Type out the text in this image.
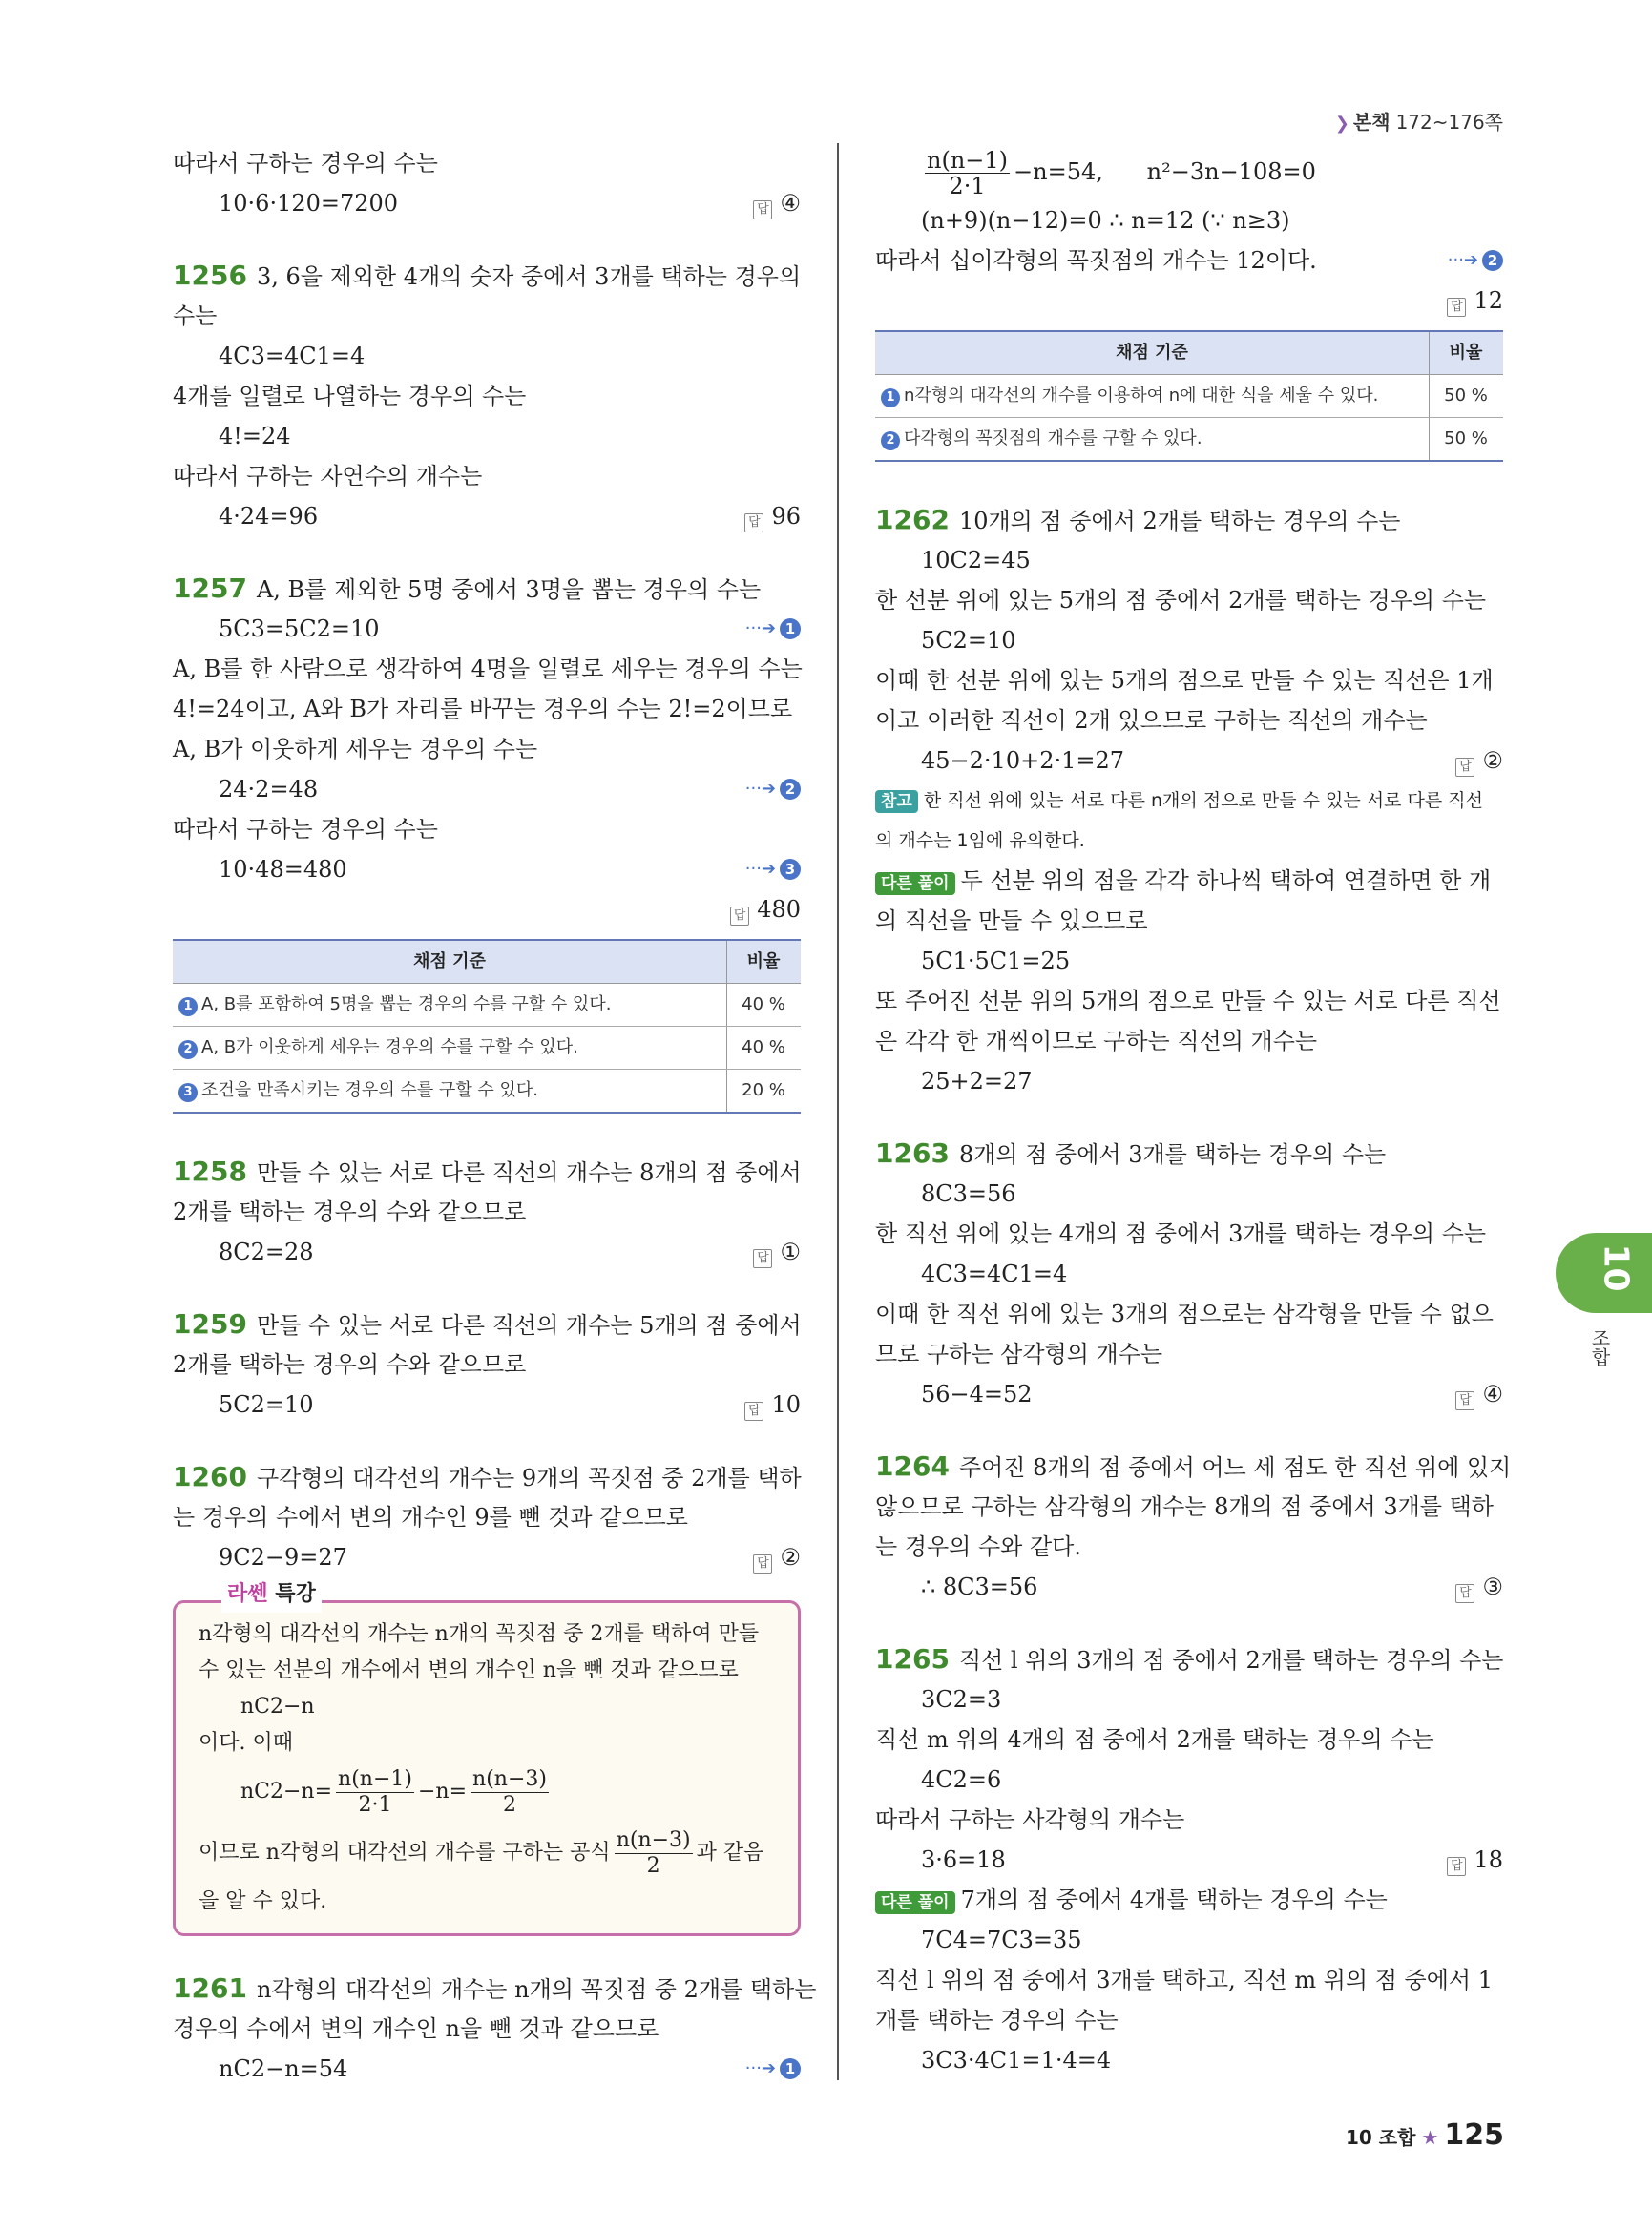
❯ 본책 172~176쪽
따라서 구하는 경우의 수는
10·6·120=7200	답 ④
1256 3, 6을 제외한 4개의 숫자 중에서 3개를 택하는 경우의
수는
4C3=4C1=4
4개를 일렬로 나열하는 경우의 수는
4!=24
따라서 구하는 자연수의 개수는
4·24=96	답 96
1257 A, B를 제외한 5명 중에서 3명을 뽑는 경우의 수는
5C3=5C2=10	···➔ 1
A, B를 한 사람으로 생각하여 4명을 일렬로 세우는 경우의 수는
4!=24이고, A와 B가 자리를 바꾸는 경우의 수는 2!=2이므로
A, B가 이웃하게 세우는 경우의 수는
24·2=48	···➔ 2
따라서 구하는 경우의 수는
10·48=480	···➔ 3
답 480
채점 기준	비율
1 A, B를 포함하여 5명을 뽑는 경우의 수를 구할 수 있다.	40 %
2 A, B가 이웃하게 세우는 경우의 수를 구할 수 있다.	40 %
3 조건을 만족시키는 경우의 수를 구할 수 있다.	20 %
1258 만들 수 있는 서로 다른 직선의 개수는 8개의 점 중에서
2개를 택하는 경우의 수와 같으므로
8C2=28	답 ①
1259 만들 수 있는 서로 다른 직선의 개수는 5개의 점 중에서
2개를 택하는 경우의 수와 같으므로
5C2=10	답 10
1260 구각형의 대각선의 개수는 9개의 꼭짓점 중 2개를 택하
는 경우의 수에서 변의 개수인 9를 뺀 것과 같으므로
9C2−9=27	답 ②
라쎈 특강
n각형의 대각선의 개수는 n개의 꼭짓점 중 2개를 택하여 만들
수 있는 선분의 개수에서 변의 개수인 n을 뺀 것과 같으므로
nC2−n
이다. 이때
$nC2-n= \frac{n(n-1)}{2\cdot 1} -n= \frac{n(n-3)}{2}$
이므로 n각형의 대각선의 개수를 구하는 공식 $\frac{n(n-3)}{2}$ 과 같음
을 알 수 있다.
1261 n각형의 대각선의 개수는 n개의 꼭짓점 중 2개를 택하는
경우의 수에서 변의 개수인 n을 뺀 것과 같으므로
nC2−n=54	···➔ 1
$\frac{n(n-1)}{2\cdot 1} -n=54$, n²−3n−108=0
(n+9)(n−12)=0 ∴ n=12 (∵ n≥3)
따라서 십이각형의 꼭짓점의 개수는 12이다.	···➔ 2
답 12
채점 기준	비율
1 n각형의 대각선의 개수를 이용하여 n에 대한 식을 세울 수 있다.	50 %
2 다각형의 꼭짓점의 개수를 구할 수 있다.	50 %
1262 10개의 점 중에서 2개를 택하는 경우의 수는
10C2=45
한 선분 위에 있는 5개의 점 중에서 2개를 택하는 경우의 수는
5C2=10
이때 한 선분 위에 있는 5개의 점으로 만들 수 있는 직선은 1개
이고 이러한 직선이 2개 있으므로 구하는 직선의 개수는
45−2·10+2·1=27	답 ②
참고 한 직선 위에 있는 서로 다른 n개의 점으로 만들 수 있는 서로 다른 직선
의 개수는 1임에 유의한다.
다른 풀이 두 선분 위의 점을 각각 하나씩 택하여 연결하면 한 개
의 직선을 만들 수 있으므로
5C1·5C1=25
또 주어진 선분 위의 5개의 점으로 만들 수 있는 서로 다른 직선
은 각각 한 개씩이므로 구하는 직선의 개수는
25+2=27
1263 8개의 점 중에서 3개를 택하는 경우의 수는
8C3=56
한 직선 위에 있는 4개의 점 중에서 3개를 택하는 경우의 수는
4C3=4C1=4
이때 한 직선 위에 있는 3개의 점으로는 삼각형을 만들 수 없으
므로 구하는 삼각형의 개수는
56−4=52	답 ④
1264 주어진 8개의 점 중에서 어느 세 점도 한 직선 위에 있지
않으므로 구하는 삼각형의 개수는 8개의 점 중에서 3개를 택하
는 경우의 수와 같다.
∴ 8C3=56	답 ③
1265 직선 l 위의 3개의 점 중에서 2개를 택하는 경우의 수는
3C2=3
직선 m 위의 4개의 점 중에서 2개를 택하는 경우의 수는
4C2=6
따라서 구하는 사각형의 개수는
3·6=18	답 18
다른 풀이 7개의 점 중에서 4개를 택하는 경우의 수는
7C4=7C3=35
직선 l 위의 점 중에서 3개를 택하고, 직선 m 위의 점 중에서 1
개를 택하는 경우의 수는
3C3·4C1=1·4=4
10
조합
10 조합 ★ 125
